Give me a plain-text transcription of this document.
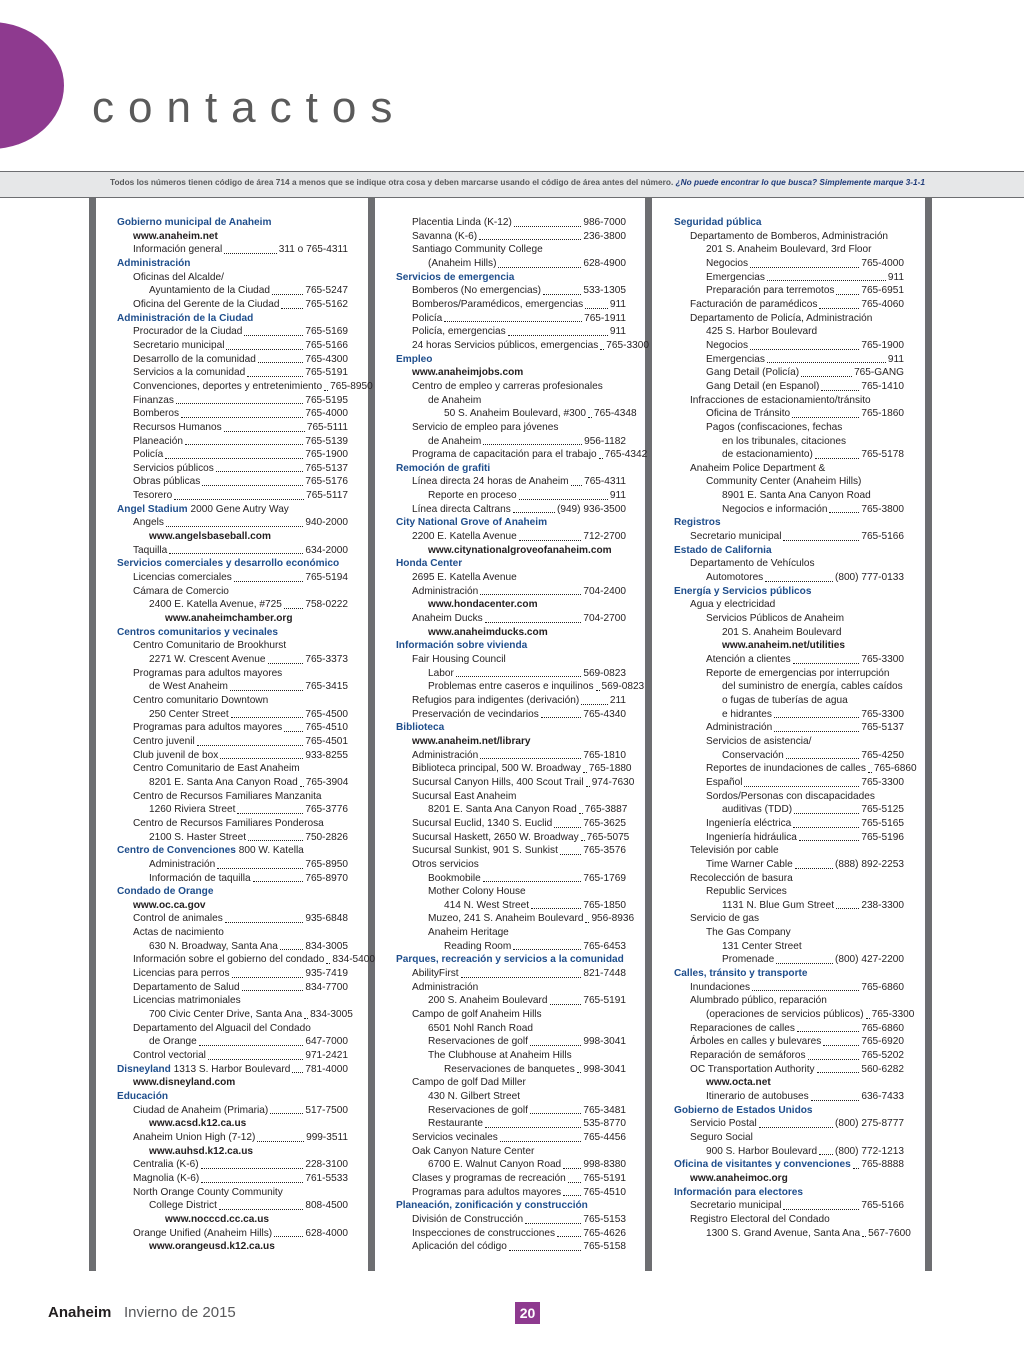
contactos
Todos los números tienen código de área 714 a menos que se indique otra cosa y deben marcarse usando el código de área antes del número. ¿No puede encontrar lo que busca? Simplemente marque 3-1-1
Gobierno municipal de Anaheim
www.anaheim.net
Información general	311 o 765-4311
Administración
Oficinas del Alcalde/
Ayuntamiento de la Ciudad	765-5247
Oficina del Gerente de la Ciudad	765-5162
Administración de la Ciudad
Procurador de la Ciudad	765-5169
Secretario municipal	765-5166
Desarrollo de la comunidad	765-4300
Servicios a la comunidad	765-5191
Convenciones, deportes y entretenimiento 765-8950
Finanzas	765-5195
Bomberos	765-4000
Recursos Humanos	765-5111
Planeación	765-5139
Policía	765-1900
Servicios públicos	765-5137
Obras públicas	765-5176
Tesorero	765-5117
Angel Stadium 2000 Gene Autry Way
Angels	940-2000
www.angelsbaseball.com
Taquilla	634-2000
Servicios comerciales y desarrollo económico
Licencias comerciales	765-5194
Cámara de Comercio
2400 E. Katella Avenue, #725 758-0222
www.anaheimchamber.org
Centros comunitarios y vecinales
Centro Comunitario de Brookhurst
2271 W. Crescent Avenue	765-3373
Programas para adultos mayores
de West Anaheim	765-3415
Centro comunitario Downtown
250 Center Street	765-4500
Programas para adultos mayores 765-4510
Centro juvenil	765-4501
Club juvenil de box	933-8255
Centro Comunitario de East Anaheim
8201 E. Santa Ana Canyon Road 765-3904
Centro de Recursos Familiares Manzanita
1260 Riviera Street	765-3776
Centro de Recursos Familiares Ponderosa
2100 S. Haster Street	750-2826
Centro de Convenciones 800 W. Katella
Administración	765-8950
Información de taquilla	765-8970
Condado de Orange
www.oc.ca.gov
Control de animales	935-6848
Actas de nacimiento
630 N. Broadway, Santa Ana	834-3005
Información sobre el gobierno del condado 834-5400
Licencias para perros	935-7419
Departamento de Salud	834-7700
Licencias matrimoniales
700 Civic Center Drive, Santa Ana 834-3005
Departamento del Alguacil del Condado
de Orange	647-7000
Control vectorial	971-2421
Disneyland 1313 S. Harbor Boulevard 781-4000
www.disneyland.com
Educación
Ciudad de Anaheim (Primaria)	517-7500
www.acsd.k12.ca.us
Anaheim Union High (7-12)	999-3511
www.auhsd.k12.ca.us
Centralia (K-6)	228-3100
Magnolia (K-6)	761-5533
North Orange County Community
College District	808-4500
www.nocccd.cc.ca.us
Orange Unified (Anaheim Hills)	628-4000
www.orangeusd.k12.ca.us
Placentia Linda (K-12)	986-7000
Savanna (K-6)	236-3800
Santiago Community College
(Anaheim Hills)	628-4900
Servicios de emergencia
Bomberos (No emergencias)	533-1305
Bomberos/Paramédicos, emergencias	911
Policía	765-1911
Policía, emergencias	911
24 horas Servicios públicos, emergencias 765-3300
Empleo
www.anaheimjobs.com
Centro de empleo y carreras profesionales
de Anaheim
50 S. Anaheim Boulevard, #300 765-4348
Servicio de empleo para jóvenes
de Anaheim	956-1182
Programa de capacitación para el trabajo 765-4342
Remoción de grafiti
Línea directa 24 horas de Anaheim 765-4311
Reporte en proceso	911
Línea directa Caltrans	(949) 936-3500
City National Grove of Anaheim
2200 E. Katella Avenue	712-2700
www.citynationalgroveofanaheim.com
Honda Center
2695 E. Katella Avenue
Administración	704-2400
www.hondacenter.com
Anaheim Ducks	704-2700
www.anaheimducks.com
Información sobre vivienda
Fair Housing Council
Labor	569-0823
Problemas entre caseros e inquilinos 569-0823
Refugios para indigentes (derivación)	211
Preservación de vecindarios	765-4340
Biblioteca
www.anaheim.net/library
Administración	765-1810
Biblioteca principal, 500 W. Broadway 765-1880
Sucursal Canyon Hills, 400 Scout Trail 974-7630
Sucursal East Anaheim
8201 E. Santa Ana Canyon Road 765-3887
Sucursal Euclid, 1340 S. Euclid	765-3625
Sucursal Haskett, 2650 W. Broadway 765-5075
Sucursal Sunkist, 901 S. Sunkist	765-3576
Otros servicios
Bookmobile	765-1769
Mother Colony House
414 N. West Street	765-1850
Muzeo, 241 S. Anaheim Boulevard 956-8936
Anaheim Heritage
Reading Room	765-6453
Parques, recreación y servicios a la comunidad
AbilityFirst	821-7448
Administración
200 S. Anaheim Boulevard	765-5191
Campo de golf Anaheim Hills
6501 Nohl Ranch Road
Reservaciones de golf	998-3041
The Clubhouse at Anaheim Hills
Reservaciones de banquetes 998-3041
Campo de golf Dad Miller
430 N. Gilbert Street
Reservaciones de golf	765-3481
Restaurante	535-8770
Servicios vecinales	765-4456
Oak Canyon Nature Center
6700 E. Walnut Canyon Road 998-8380
Clases y programas de recreación 765-5191
Programas para adultos mayores 765-4510
Planeación, zonificación y construcción
División de Construcción	765-5153
Inspecciones de construcciones	765-4626
Aplicación del código	765-5158
Seguridad pública
Departamento de Bomberos, Administración
201 S. Anaheim Boulevard, 3rd Floor
Negocios	765-4000
Emergencias	911
Preparación para terremotos	765-6951
Facturación de paramédicos	765-4060
Departamento de Policía, Administración
425 S. Harbor Boulevard
Negocios	765-1900
Emergencias	911
Gang Detail (Policía)	765-GANG
Gang Detail (en Espanol)	765-1410
Infracciones de estacionamiento/tránsito
Oficina de Tránsito	765-1860
Pagos (confiscaciones, fechas
en los tribunales, citaciones
de estacionamiento)	765-5178
Anaheim Police Department &
Community Center (Anaheim Hills)
8901 E. Santa Ana Canyon Road
Negocios e información	765-3800
Registros
Secretario municipal	765-5166
Estado de California
Departamento de Vehículos
Automotores	(800) 777-0133
Energía y Servicios públicos
Agua y electricidad
Servicios Públicos de Anaheim
201 S. Anaheim Boulevard
www.anaheim.net/utilities
Atención a clientes	765-3300
Reporte de emergencias por interrupción
del suministro de energía, cables caídos
o fugas de tuberías de agua
e hidrantes	765-3300
Administración	765-5137
Servicios de asistencia/
Conservación	765-4250
Reportes de inundaciones de calles 765-6860
Español	765-3300
Sordos/Personas con discapacidades
auditivas (TDD)	765-5125
Ingeniería eléctrica	765-5165
Ingeniería hidráulica	765-5196
Televisión por cable
Time Warner Cable	(888) 892-2253
Recolección de basura
Republic Services
1131 N. Blue Gum Street	238-3300
Servicio de gas
The Gas Company
131 Center Street
Promenade	(800) 427-2200
Calles, tránsito y transporte
Inundaciones	765-6860
Alumbrado público, reparación
(operaciones de servicios públicos) 765-3300
Reparaciones de calles	765-6860
Árboles en calles y bulevares	765-6920
Reparación de semáforos	765-5202
OC Transportation Authority	560-6282
www.octa.net
Itinerario de autobuses	636-7433
Gobierno de Estados Unidos
Servicio Postal	(800) 275-8777
Seguro Social
900 S. Harbor Boulevard (800) 772-1213
Oficina de visitantes y convenciones 765-8888
www.anaheimoc.org
Información para electores
Secretario municipal	765-5166
Registro Electoral del Condado
1300 S. Grand Avenue, Santa Ana 567-7600
Anaheim Invierno de 2015	20
